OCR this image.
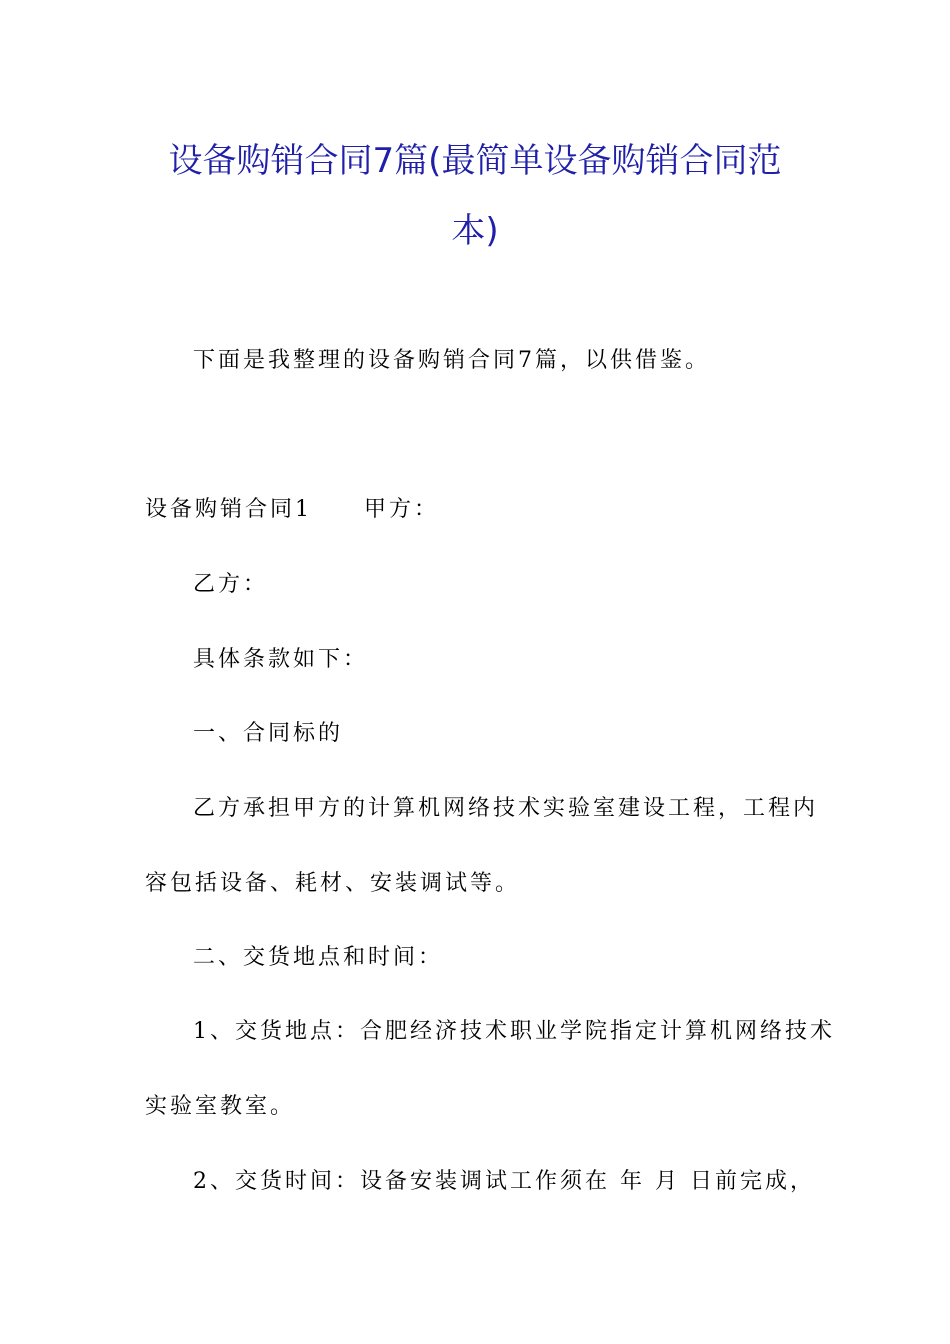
设备购销合同7篇(最简单设备购销合同范
本)
下面是我整理的设备购销合同7篇，以供借鉴。
设备购销合同1 甲方：
乙方：
具体条款如下：
一、合同标的
乙方承担甲方的计算机网络技术实验室建设工程，工程内
容包括设备、耗材、安装调试等。
二、交货地点和时间：
1、交货地点：合肥经济技术职业学院指定计算机网络技术
实验室教室。
2、交货时间：设备安装调试工作须在 年 月 日前完成，
